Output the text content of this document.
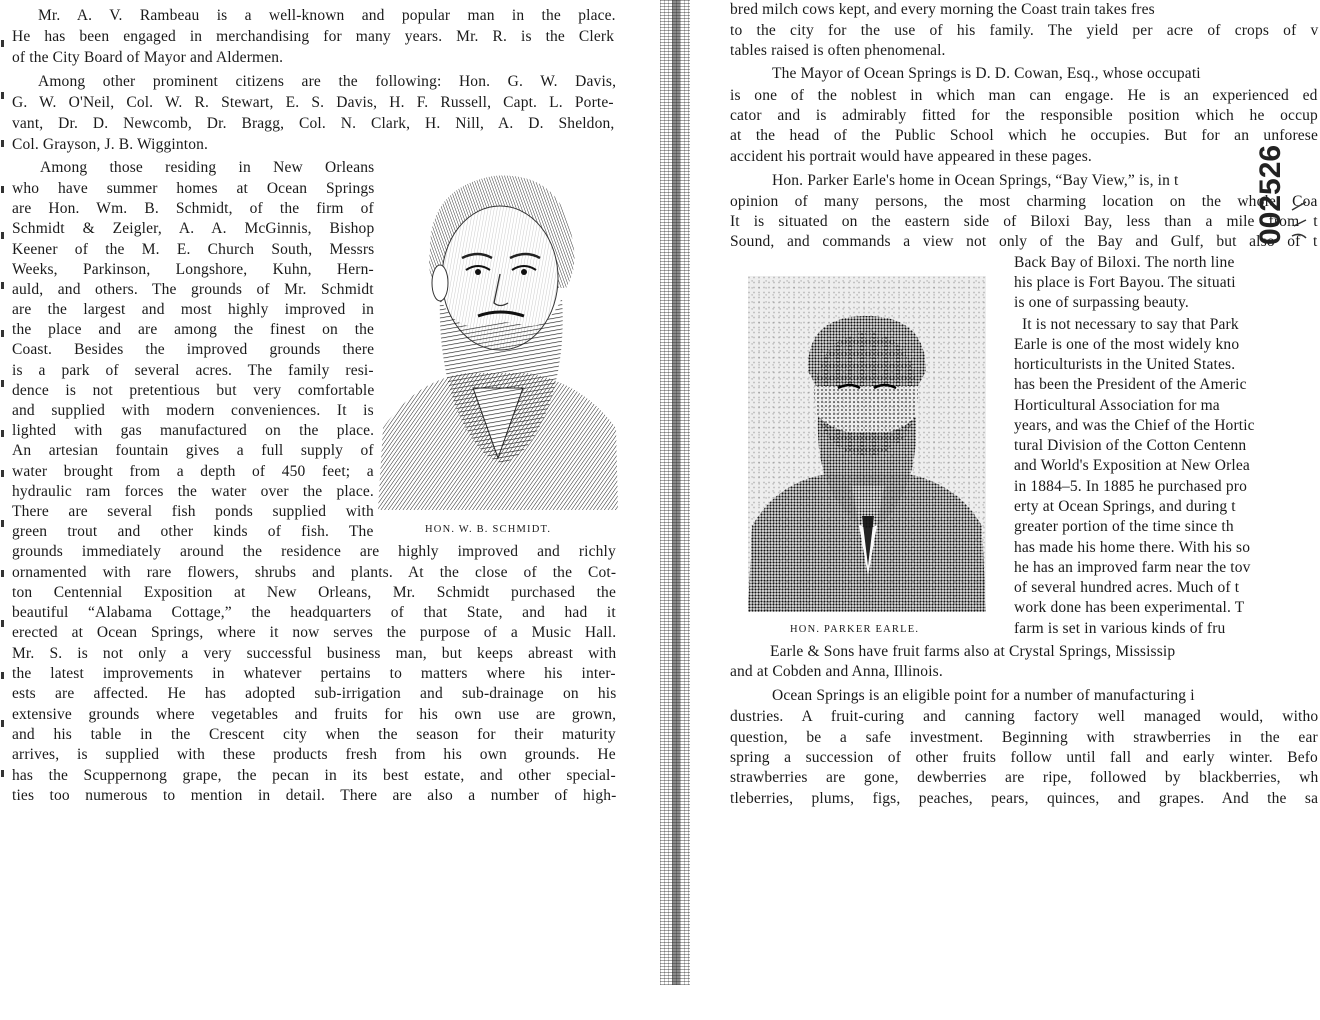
Mr. A. V. Rambeau is a well-known and popular man in the place.
He has been engaged in merchandising for many years. Mr. R. is the Clerk
of the City Board of Mayor and Aldermen.
Among other prominent citizens are the following: Hon. G. W. Davis,
G. W. O'Neil, Col. W. R. Stewart, E. S. Davis, H. F. Russell, Capt. L. Porte-
vant, Dr. D. Newcomb, Dr. Bragg, Col. N. Clark, H. Nill, A. D. Sheldon,
Col. Grayson, J. B. Wigginton.
Among those residing in New Orleans
who have summer homes at Ocean Springs
are Hon. Wm. B. Schmidt, of the firm of
Schmidt & Zeigler, A. A. McGinnis, Bishop
Keener of the M. E. Church South, Messrs
Weeks, Parkinson, Longshore, Kuhn, Hern-
auld, and others. The grounds of Mr. Schmidt
are the largest and most highly improved in
the place and are among the finest on the
Coast. Besides the improved grounds there
is a park of several acres. The family resi-
dence is not pretentious but very comfortable
and supplied with modern conveniences. It is
lighted with gas manufactured on the place.
An artesian fountain gives a full supply of
water brought from a depth of 450 feet; a
hydraulic ram forces the water over the place.
There are several fish ponds supplied with
green trout and other kinds of fish. The
grounds immediately around the residence are highly improved and richly
ornamented with rare flowers, shrubs and plants. At the close of the Cot-
ton Centennial Exposition at New Orleans, Mr. Schmidt purchased the
beautiful “Alabama Cottage,” the headquarters of that State, and had it
erected at Ocean Springs, where it now serves the purpose of a Music Hall.
Mr. S. is not only a very successful business man, but keeps abreast with
the latest improvements in whatever pertains to matters where his inter-
ests are affected. He has adopted sub-irrigation and sub-drainage on his
extensive grounds where vegetables and fruits for his own use are grown,
and his table in the Crescent city when the season for their maturity
arrives, is supplied with these products fresh from his own grounds. He
has the Scuppernong grape, the pecan in its best estate, and other special-
ties too numerous to mention in detail. There are also a number of high-
HON. W. B. SCHMIDT.
bred milch cows kept, and every morning the Coast train takes fres
to the city for the use of his family. The yield per acre of crops of v
tables raised is often phenomenal.
The Mayor of Ocean Springs is D. D. Cowan, Esq., whose occupati
is one of the noblest in which man can engage. He is an experienced ed
cator and is admirably fitted for the responsible position which he occup
at the head of the Public School which he occupies. But for an unforese
accident his portrait would have appeared in these pages.
Hon. Parker Earle's home in Ocean Springs, “Bay View,” is, in t
opinion of many persons, the most charming location on the whole Coa
It is situated on the eastern side of Biloxi Bay, less than a mile from t
Sound, and commands a view not only of the Bay and Gulf, but also of t
Back Bay of Biloxi. The north line
his place is Fort Bayou. The situati
is one of surpassing beauty.
It is not necessary to say that Park
Earle is one of the most widely kno
horticulturists in the United States.
has been the President of the Americ
Horticultural Association for ma
years, and was the Chief of the Hortic
tural Division of the Cotton Centenn
and World's Exposition at New Orlea
in 1884–5. In 1885 he purchased pro
erty at Ocean Springs, and during t
greater portion of the time since th
has made his home there. With his so
he has an improved farm near the tov
of several hundred acres. Much of t
work done has been experimental. T
farm is set in various kinds of fru
Earle & Sons have fruit farms also at Crystal Springs, Mississip
and at Cobden and Anna, Illinois.
Ocean Springs is an eligible point for a number of manufacturing i
dustries. A fruit-curing and canning factory well managed would, witho
question, be a safe investment. Beginning with strawberries in the ear
spring a succession of other fruits follow until fall and early winter. Befo
strawberries are gone, dewberries are ripe, followed by blackberries, wh
tleberries, plums, figs, peaches, pears, quinces, and grapes. And the sa
HON. PARKER EARLE.
002526
